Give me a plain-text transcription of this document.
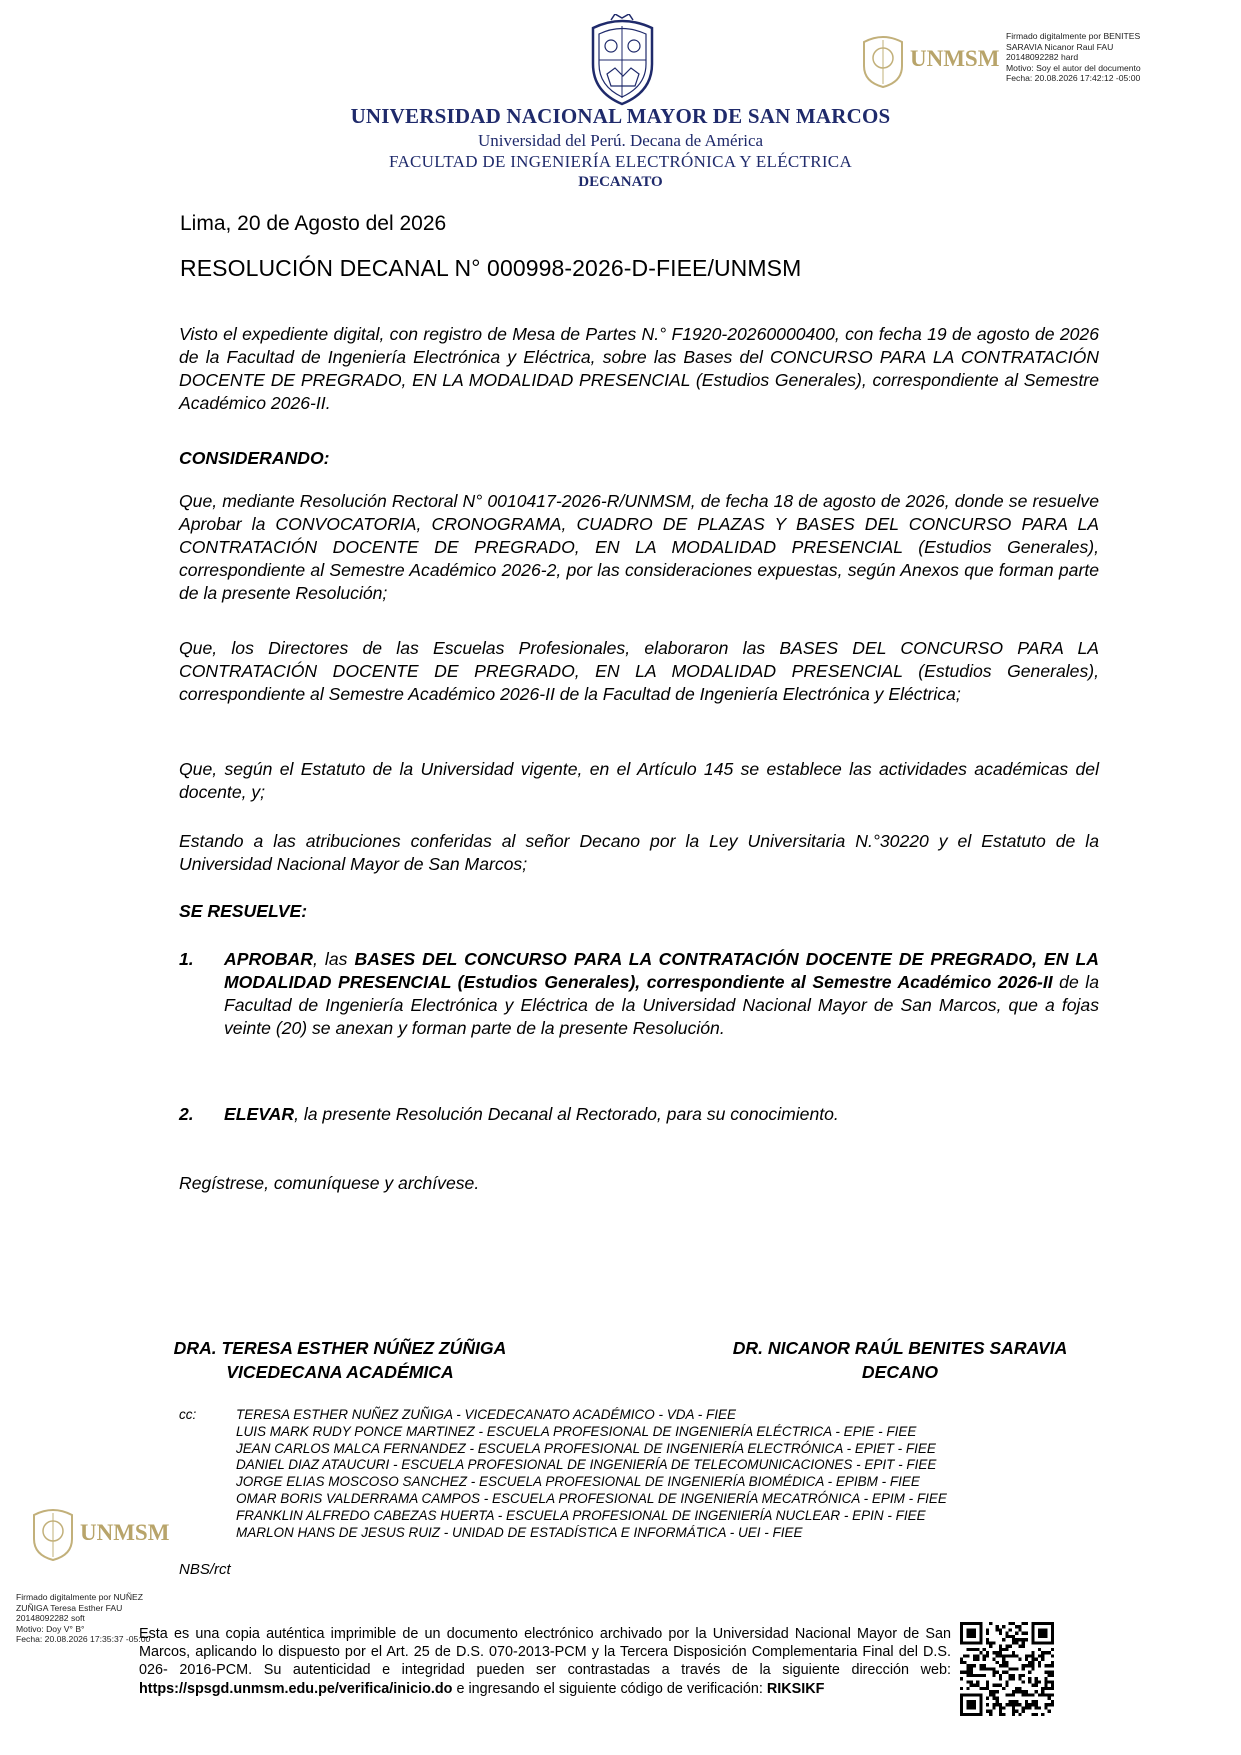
UNIVERSIDAD NACIONAL MAYOR DE SAN MARCOS
Universidad del Perú. Decana de América
FACULTAD DE INGENIERÍA ELECTRÓNICA Y ELÉCTRICA
DECANATO
UNMSM
Firmado digitalmente por BENITES
SARAVIA Nicanor Raul FAU
20148092282 hard
Motivo: Soy el autor del documento
Fecha: 20.08.2026 17:42:12 -05:00
Lima, 20 de Agosto del 2026
RESOLUCIÓN DECANAL N° 000998-2026-D-FIEE/UNMSM
Visto el expediente digital, con registro de Mesa de Partes N.° F1920-20260000400, con fecha 19 de agosto de 2026 de la Facultad de Ingeniería Electrónica y Eléctrica, sobre las Bases del CONCURSO PARA LA CONTRATACIÓN DOCENTE DE PREGRADO, EN LA MODALIDAD PRESENCIAL (Estudios Generales), correspondiente al Semestre Académico 2026-II.
CONSIDERANDO:
Que, mediante Resolución Rectoral N° 0010417-2026-R/UNMSM, de fecha 18 de agosto de 2026, donde se resuelve Aprobar la CONVOCATORIA, CRONOGRAMA, CUADRO DE PLAZAS Y BASES DEL CONCURSO PARA LA CONTRATACIÓN DOCENTE DE PREGRADO, EN LA MODALIDAD PRESENCIAL (Estudios Generales), correspondiente al Semestre Académico 2026-2, por las consideraciones expuestas, según Anexos que forman parte de la presente Resolución;
Que, los Directores de las Escuelas Profesionales, elaboraron las BASES DEL CONCURSO PARA LA CONTRATACIÓN DOCENTE DE PREGRADO, EN LA MODALIDAD PRESENCIAL (Estudios Generales), correspondiente al Semestre Académico 2026-II de la Facultad de Ingeniería Electrónica y Eléctrica;
Que, según el Estatuto de la Universidad vigente, en el Artículo 145 se establece las actividades académicas del docente, y;
Estando a las atribuciones conferidas al señor Decano por la Ley Universitaria N.°30220 y el Estatuto de la Universidad Nacional Mayor de San Marcos;
SE RESUELVE:
1. APROBAR, las BASES DEL CONCURSO PARA LA CONTRATACIÓN DOCENTE DE PREGRADO, EN LA MODALIDAD PRESENCIAL (Estudios Generales), correspondiente al Semestre Académico 2026-II de la Facultad de Ingeniería Electrónica y Eléctrica de la Universidad Nacional Mayor de San Marcos, que a fojas veinte (20) se anexan y forman parte de la presente Resolución.
2. ELEVAR, la presente Resolución Decanal al Rectorado, para su conocimiento.
Regístrese, comuníquese y archívese.
DRA. TERESA ESTHER NÚÑEZ ZÚÑIGA
VICEDECANA ACADÉMICA
DR. NICANOR RAÚL BENITES SARAVIA
DECANO
cc:	TERESA ESTHER NUÑEZ ZUÑIGA - VICEDECANATO ACADÉMICO - VDA - FIEE
LUIS MARK RUDY PONCE MARTINEZ - ESCUELA PROFESIONAL DE INGENIERÍA ELÉCTRICA - EPIE - FIEE
JEAN CARLOS MALCA FERNANDEZ - ESCUELA PROFESIONAL DE INGENIERÍA ELECTRÓNICA - EPIET - FIEE
DANIEL DIAZ ATAUCURI - ESCUELA PROFESIONAL DE INGENIERÍA DE TELECOMUNICACIONES - EPIT - FIEE
JORGE ELIAS MOSCOSO SANCHEZ - ESCUELA PROFESIONAL DE INGENIERÍA BIOMÉDICA - EPIBM - FIEE
OMAR BORIS VALDERRAMA CAMPOS - ESCUELA PROFESIONAL DE INGENIERÍA MECATRÓNICA - EPIM - FIEE
FRANKLIN ALFREDO CABEZAS HUERTA - ESCUELA PROFESIONAL DE INGENIERÍA NUCLEAR - EPIN - FIEE
MARLON HANS DE JESUS RUIZ - UNIDAD DE ESTADÍSTICA E INFORMÁTICA - UEI - FIEE
UNMSM
NBS/rct
Firmado digitalmente por NUÑEZ
ZUÑIGA Teresa Esther FAU
20148092282 soft
Motivo: Doy V° B°
Fecha: 20.08.2026 17:35:37 -05:00
Esta es una copia auténtica imprimible de un documento electrónico archivado por la Universidad Nacional Mayor de San Marcos, aplicando lo dispuesto por el Art. 25 de D.S. 070-2013-PCM y la Tercera Disposición Complementaria Final del D.S. 026- 2016-PCM. Su autenticidad e integridad pueden ser contrastadas a través de la siguiente dirección web: https://spsgd.unmsm.edu.pe/verifica/inicio.do e ingresando el siguiente código de verificación: RIKSIKF
